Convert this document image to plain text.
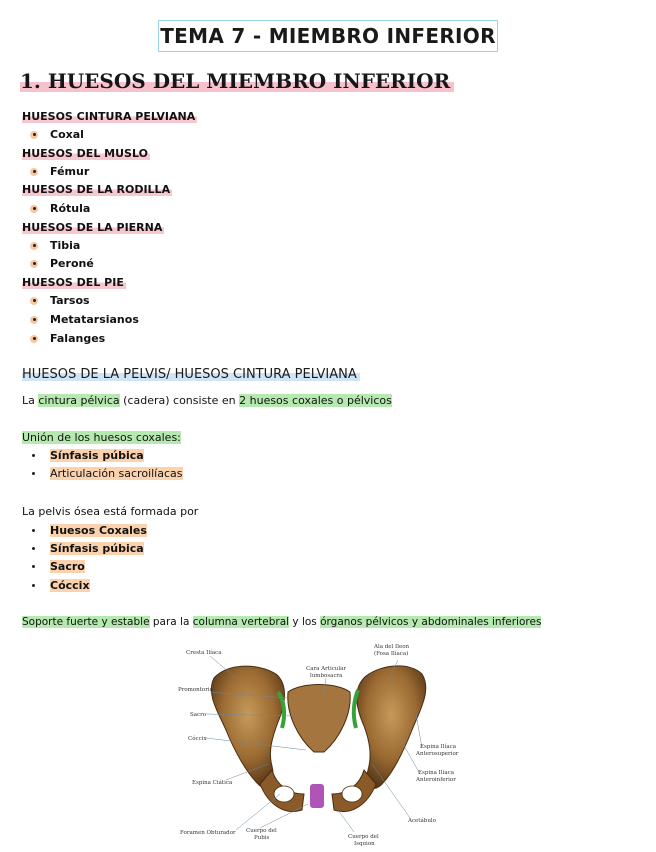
TEMA 7 - MIEMBRO INFERIOR
1. HUESOS DEL MIEMBRO INFERIOR
HUESOS CINTURA PELVIANA
Coxal
HUESOS DEL MUSLO
Fémur
HUESOS DE LA RODILLA
Rótula
HUESOS DE LA PIERNA
Tibia
Peroné
HUESOS DEL PIE
Tarsos
Metatarsianos
Falanges
HUESOS DE LA PELVIS/ HUESOS CINTURA PELVIANA
La cintura pélvica (cadera) consiste en 2 huesos coxales o pélvicos
Unión de los huesos coxales:
Sínfasis púbica
Articulación sacroilíacas
La pelvis ósea está formada por
Huesos Coxales
Sínfasis púbica
Sacro
Cóccix
Soporte fuerte y estable para la columna vertebral y los órganos pélvicos y abdominales inferiores
Cresta Ilíaca
Promontorio
Sacro
Cóccix
Espina Ciática
Foramen Obturador Cuerpo del
Pubis	Cuerpo del
Isquion
Acetábulo
Espina Ilíaca
Anteroinferior
Espina Ilíaca
Anterosuperior
Ala del Ileon
(Fosa Ilíaca)
Cara Articular
lumbosacra
